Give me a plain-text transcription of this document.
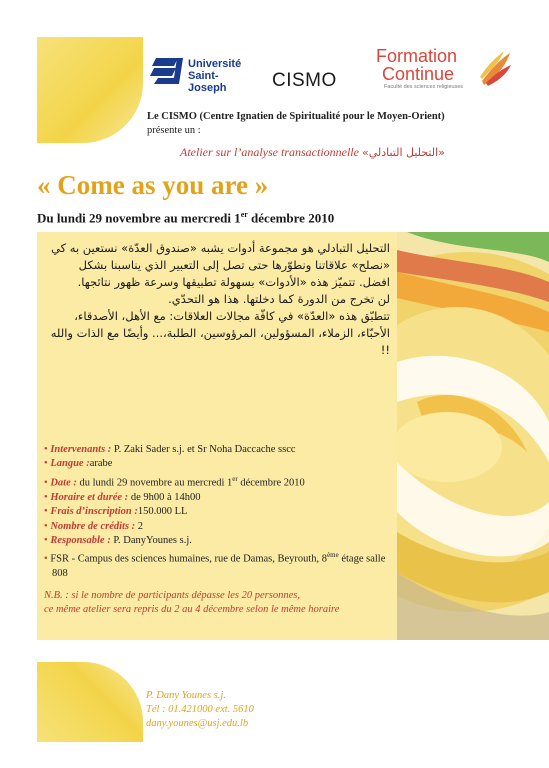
Université
Saint-Joseph	CISMO
Formation
Continue
Faculté des sciences religieuses
Le CISMO (Centre Ignatien de Spiritualité pour le Moyen-Orient)
présente un :
Atelier sur l’analyse transactionnelle «التحليل التبادلي»
« Come as you are »
Du lundi 29 novembre au mercredi 1er décembre 2010

التحليل التبادلي هو مجموعة أدوات يشبه «صندوق العدّة» نستعين به كي «نصلح» علاقاتنا ونطوّرها حتى تصل إلى التعبير الذي يناسبنا بشكل افضل. تتميّز هذه «الأدوات» بسهولة تطبيقها وسرعة ظهور نتائجها.

لن تخرج من الدورة كما دخلتها. هذا هو التحدّي.

تتطبّق هذه «العدّة» في كافّة مجالات العلاقات: مع الأهل، الأصدقاء، الأحبّاء، الزملاء، المسؤولين، المرؤوسين، الطلبة،... وأيضًا مع الذات والله !!

• Intervenants : P. Zaki Sader s.j. et Sr Noha Daccache sscc
• Langue :arabe
• Date : du lundi 29 novembre au mercredi 1er décembre 2010
• Horaire et durée : de 9h00 à 14h00
• Frais d’inscription :150.000 LL
• Nombre de crédits : 2
• Responsable : P. DanyYounes s.j.
• FSR - Campus des sciences humaines, rue de Damas, Beyrouth, 8ème étage salle 808
N.B. : si le nombre de participants dépasse les 20 personnes,
ce même atelier sera repris du 2 au 4 décembre selon le même horaire
P. Dany Younes s.j.
Tél : 01.421000 ext. 5610
dany.younes@usj.edu.lb
